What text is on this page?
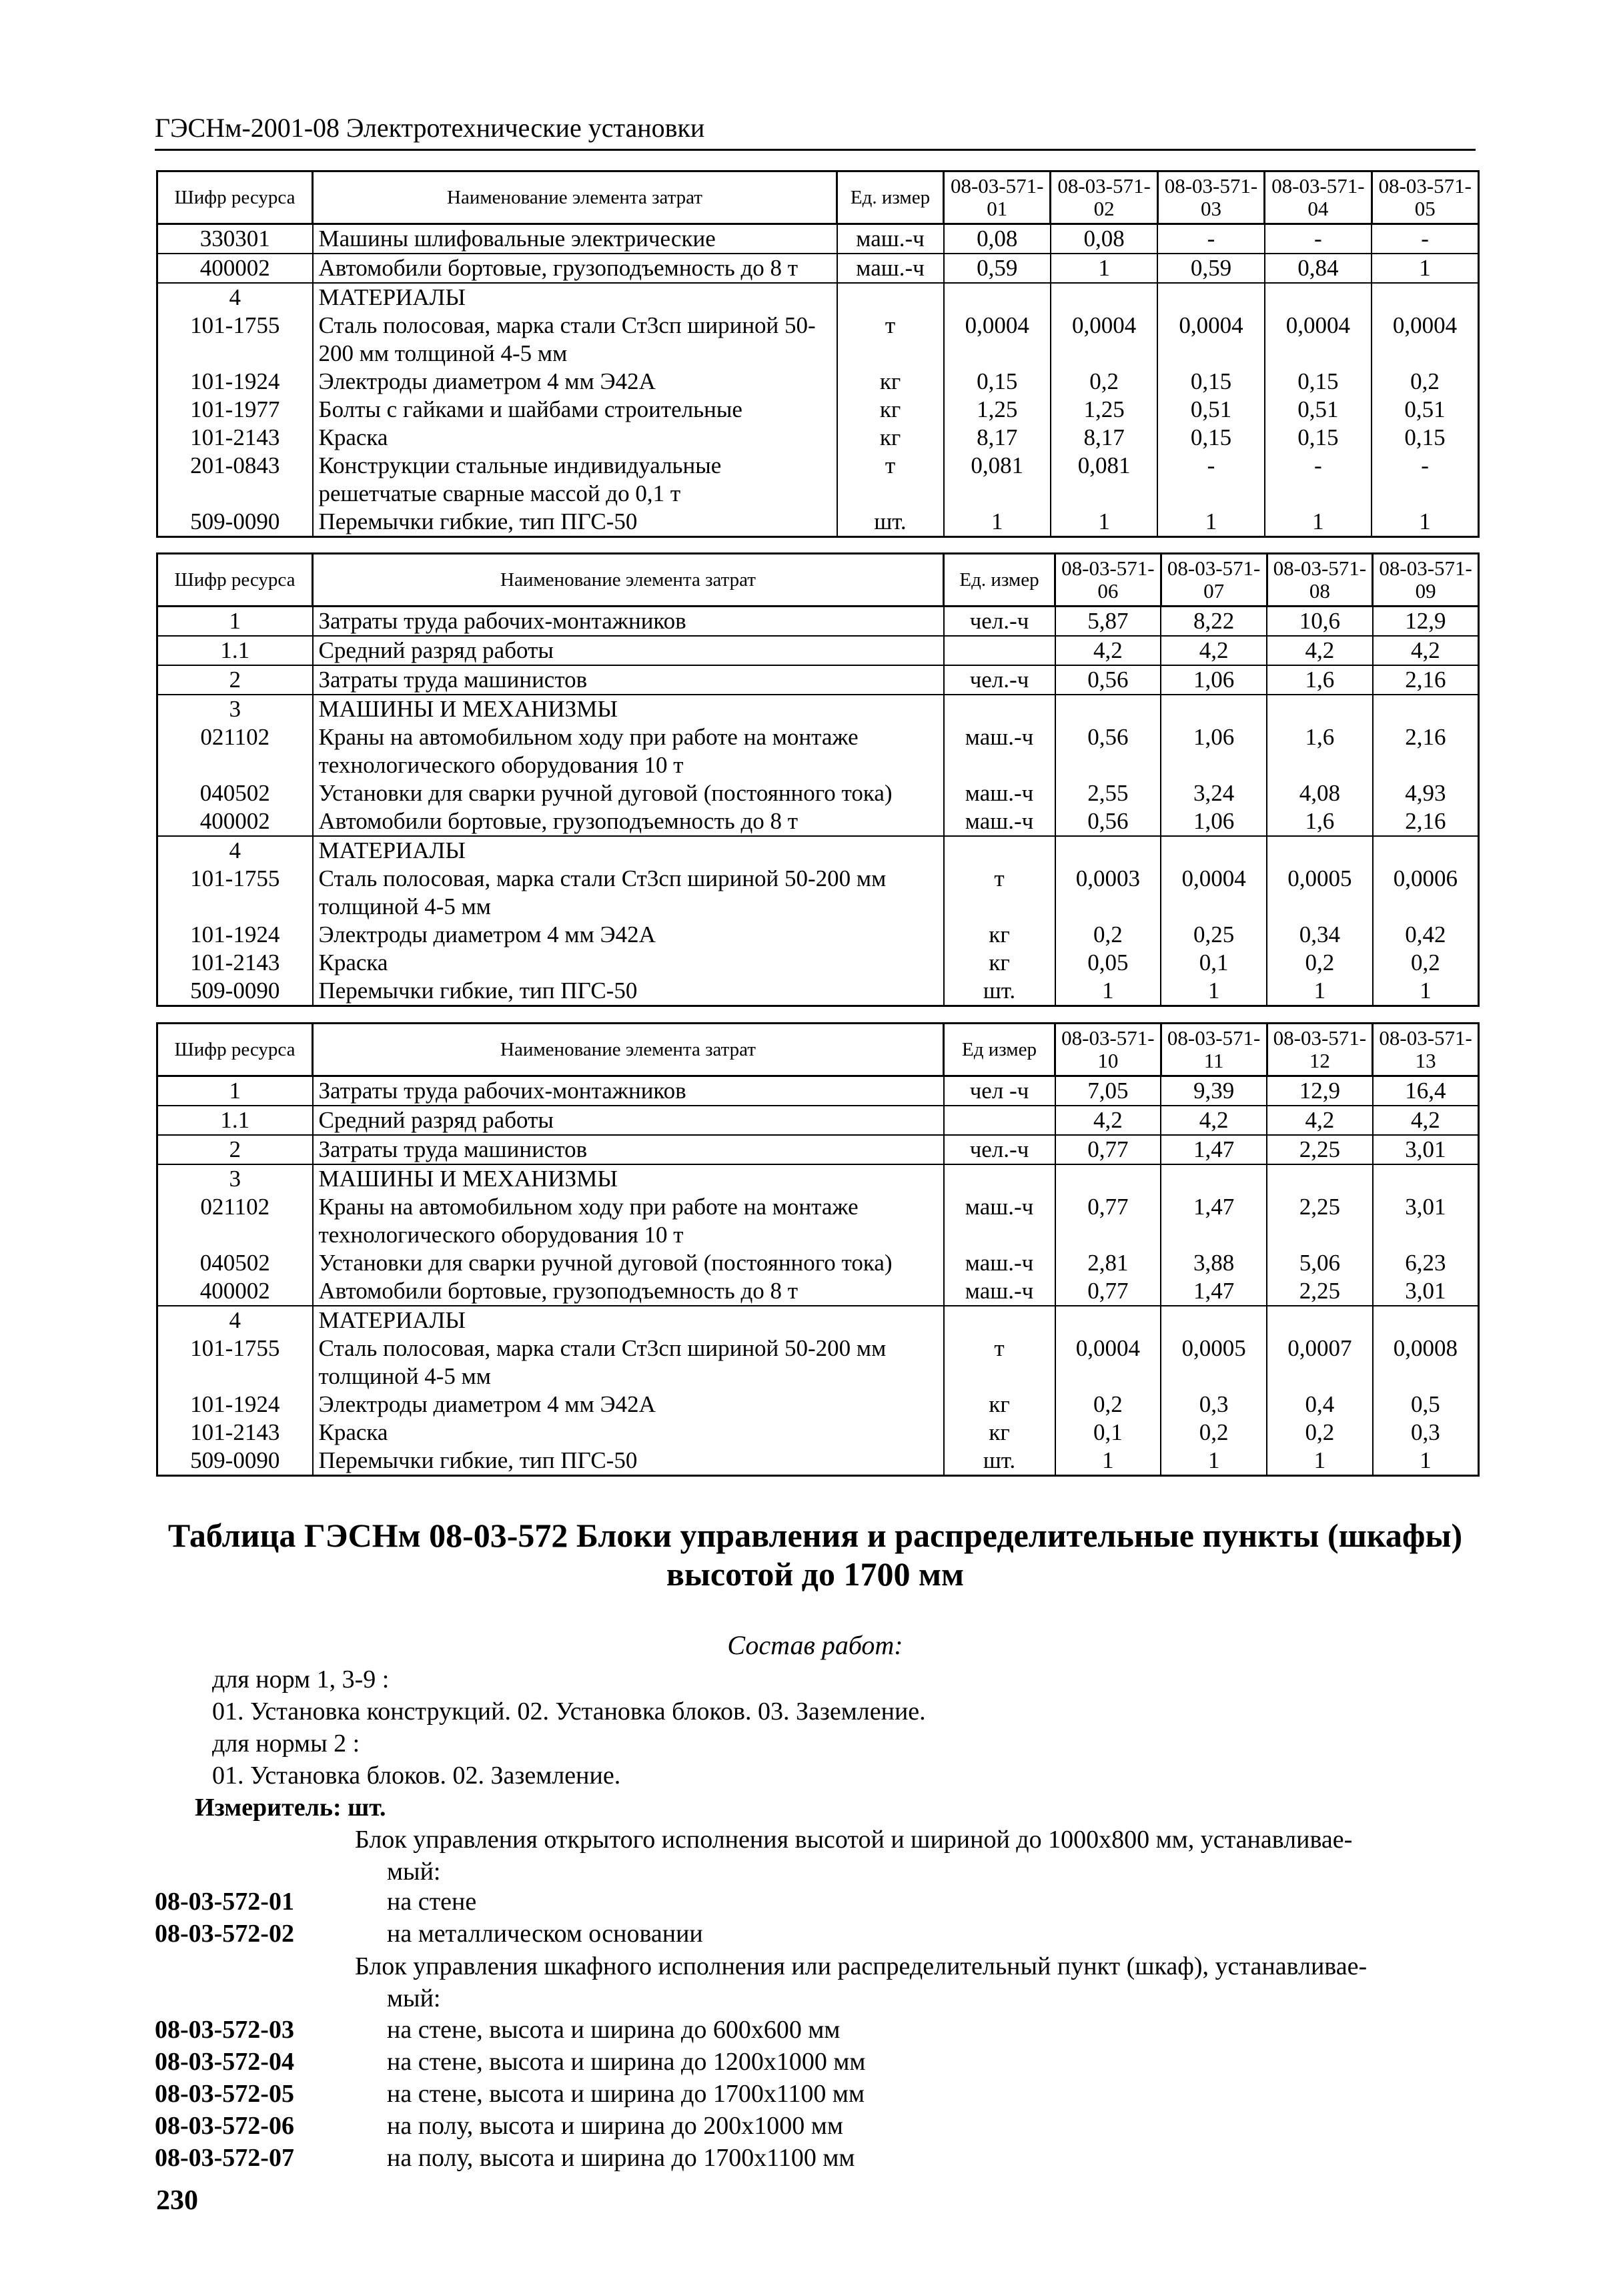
ГЭСНм-2001-08 Электротехнические установки
Шифр ресурса	Наименование элемента затрат	Ед. измер	08-03-571-01	08-03-571-02	08-03-571-03	08-03-571-04	08-03-571-05
330301	Машины шлифовальные электрические	маш.-ч	0,08	0,08	-	-	-
400002	Автомобили бортовые, грузоподъемность до 8 т	маш.-ч	0,59	1	0,59	0,84	1
4	МАТЕРИАЛЫ						
101-1755	Сталь полосовая, марка стали Ст3сп шириной 50-200 мм толщиной 4-5 мм	т	0,0004	0,0004	0,0004	0,0004	0,0004
101-1924	Электроды диаметром 4 мм Э42А	кг	0,15	0,2	0,15	0,15	0,2
101-1977	Болты с гайками и шайбами строительные	кг	1,25	1,25	0,51	0,51	0,51
101-2143	Краска	кг	8,17	8,17	0,15	0,15	0,15
201-0843	Конструкции стальные индивидуальные решетчатые сварные массой до 0,1 т	т	0,081	0,081	-	-	-
509-0090	Перемычки гибкие, тип ПГС-50	шт.	1	1	1	1	1
Шифр ресурса	Наименование элемента затрат	Ед. измер	08-03-571-06	08-03-571-07	08-03-571-08	08-03-571-09
1	Затраты труда рабочих-монтажников	чел.-ч	5,87	8,22	10,6	12,9
1.1	Средний разряд работы		4,2	4,2	4,2	4,2
2	Затраты труда машинистов	чел.-ч	0,56	1,06	1,6	2,16
3	МАШИНЫ И МЕХАНИЗМЫ					
021102	Краны на автомобильном ходу при работе на монтаже технологического оборудования 10 т	маш.-ч	0,56	1,06	1,6	2,16
040502	Установки для сварки ручной дуговой (постоянного тока)	маш.-ч	2,55	3,24	4,08	4,93
400002	Автомобили бортовые, грузоподъемность до 8 т	маш.-ч	0,56	1,06	1,6	2,16
4	МАТЕРИАЛЫ					
101-1755	Сталь полосовая, марка стали Ст3сп шириной 50-200 мм толщиной 4-5 мм	т	0,0003	0,0004	0,0005	0,0006
101-1924	Электроды диаметром 4 мм Э42А	кг	0,2	0,25	0,34	0,42
101-2143	Краска	кг	0,05	0,1	0,2	0,2
509-0090	Перемычки гибкие, тип ПГС-50	шт.	1	1	1	1
Шифр ресурса	Наименование элемента затрат	Ед измер	08-03-571-10	08-03-571-11	08-03-571-12	08-03-571-13
1	Затраты труда рабочих-монтажников	чел -ч	7,05	9,39	12,9	16,4
1.1	Средний разряд работы		4,2	4,2	4,2	4,2
2	Затраты труда машинистов	чел.-ч	0,77	1,47	2,25	3,01
3	МАШИНЫ И МЕХАНИЗМЫ					
021102	Краны на автомобильном ходу при работе на монтаже технологического оборудования 10 т	маш.-ч	0,77	1,47	2,25	3,01
040502	Установки для сварки ручной дуговой (постоянного тока)	маш.-ч	2,81	3,88	5,06	6,23
400002	Автомобили бортовые, грузоподъемность до 8 т	маш.-ч	0,77	1,47	2,25	3,01
4	МАТЕРИАЛЫ					
101-1755	Сталь полосовая, марка стали Ст3сп шириной 50-200 мм толщиной 4-5 мм	т	0,0004	0,0005	0,0007	0,0008
101-1924	Электроды диаметром 4 мм Э42А	кг	0,2	0,3	0,4	0,5
101-2143	Краска	кг	0,1	0,2	0,2	0,3
509-0090	Перемычки гибкие, тип ПГС-50	шт.	1	1	1	1
Таблица ГЭСНм 08-03-572 Блоки управления и распределительные пункты (шкафы)
высотой до 1700 мм
Состав работ:
для норм 1, 3-9 :
01. Установка конструкций. 02. Установка блоков. 03. Заземление.
для нормы 2 :
01. Установка блоков. 02. Заземление.
Измеритель: шт.
Блок управления открытого исполнения высотой и шириной до 1000х800 мм, устанавливае-
мый:
08-03-572-01	на стене
08-03-572-02	на металлическом основании
Блок управления шкафного исполнения или распределительный пункт (шкаф), устанавливае-
мый:
08-03-572-03	на стене, высота и ширина до 600х600 мм
08-03-572-04	на стене, высота и ширина до 1200х1000 мм
08-03-572-05	на стене, высота и ширина до 1700х1100 мм
08-03-572-06	на полу, высота и ширина до 200х1000 мм
08-03-572-07	на полу, высота и ширина до 1700х1100 мм
230
